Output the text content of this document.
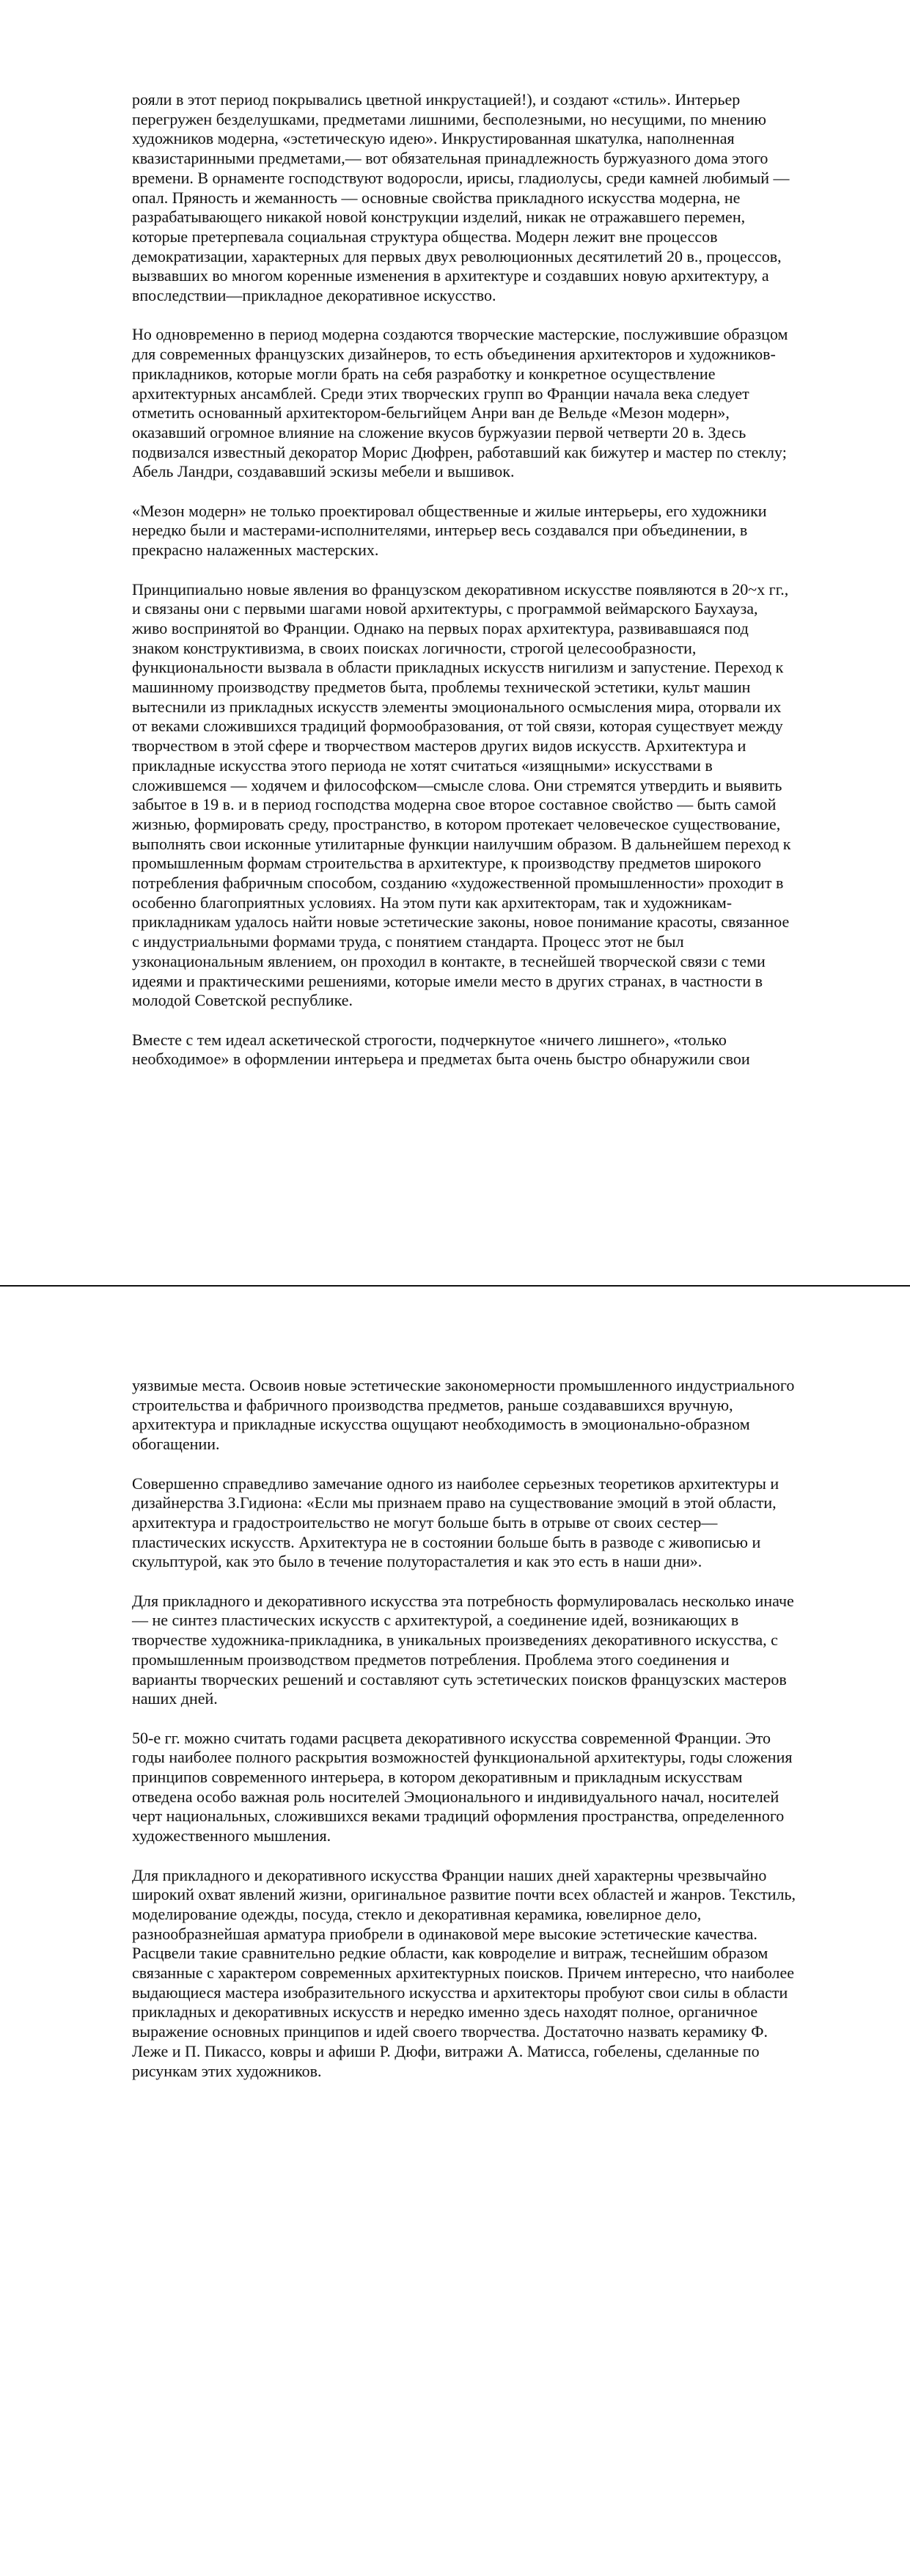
рояли в этот период покрывались цветной инкрустацией!), и создают «стиль». Интерьер перегружен безделушками, предметами лишними, бесполезными, но несущими, по мнению художников модерна, «эстетическую идею». Инкрустированная шкатулка, наполненная квазистаринными предметами,— вот обязательная принадлежность буржуазного дома этого времени. В орнаменте господствуют водоросли, ирисы, гладиолусы, среди камней любимый — опал. Пряность и жеманность — основные свойства прикладного искусства модерна, не разрабатывающего никакой новой конструкции изделий, никак не отражавшего перемен, которые претерпевала социальная структура общества. Модерн лежит вне процессов демократизации, характерных для первых двух революционных десятилетий 20 в., процессов, вызвавших во многом коренные изменения в архитектуре и создавших новую архитектуру, а впоследствии—прикладное декоративное искусство.

Но одновременно в период модерна создаются творческие мастерские, послужившие образцом для современных французских дизайнеров, то есть объединения архитекторов и художников-прикладников, которые могли брать на себя разработку и конкретное осуществление архитектурных ансамблей. Среди этих творческих групп во Франции начала века следует отметить основанный архитектором-бельгийцем Анри ван де Вельде «Мезон модерн», оказавший огромное влияние на сложение вкусов буржуазии первой четверти 20 в. Здесь подвизался известный декоратор Морис Дюфрен, работавший как бижутер и мастер по стеклу; Абель Ландри, создававший эскизы мебели и вышивок.

«Мезон модерн» не только проектировал общественные и жилые интерьеры, его художники нередко были и мастерами-исполнителями, интерьер весь создавался при объединении, в прекрасно налаженных мастерских.

Принципиально новые явления во французском декоративном искусстве появляются в 20~х гг., и связаны они с первыми шагами новой архитектуры, с программой веймарского Баухауза, живо воспринятой во Франции. Однако на первых порах архитектура, развивавшаяся под знаком конструктивизма, в своих поисках логичности, строгой целесообразности, функциональности вызвала в области прикладных искусств нигилизм и запустение. Переход к машинному производству предметов быта, проблемы технической эстетики, культ машин вытеснили из прикладных искусств элементы эмоционального осмысления мира, оторвали их от веками сложившихся традиций формообразования, от той связи, которая существует между творчеством в этой сфере и творчеством мастеров других видов искусств. Архитектура и прикладные искусства этого периода не хотят считаться «изящными» искусствами в сложившемся — ходячем и философском—смысле слова. Они стремятся утвердить и выявить забытое в 19 в. и в период господства модерна свое второе составное свойство — быть самой жизнью, формировать среду, пространство, в котором протекает человеческое существование, выполнять свои исконные утилитарные функции наилучшим образом. В дальнейшем переход к промышленным формам строительства в архитектуре, к производству предметов широкого потребления фабричным способом, созданию «художественной промышленности» проходит в особенно благоприятных условиях. На этом пути как архитекторам, так и художникам-прикладникам удалось найти новые эстетические законы, новое понимание красоты, связанное с индустриальными формами труда, с понятием стандарта. Процесс этот не был узконациональным явлением, он проходил в контакте, в теснейшей творческой связи с теми идеями и практическими решениями, которые имели место в других странах, в частности в молодой Советской республике.

Вместе с тем идеал аскетической строгости, подчеркнутое «ничего лишнего», «только необходимое» в оформлении интерьера и предметах быта очень быстро обнаружили свои

уязвимые места. Освоив новые эстетические закономерности промышленного индустриального строительства и фабричного производства предметов, раньше создававшихся вручную, архитектура и прикладные искусства ощущают необходимость в эмоционально-образном обогащении.

Совершенно справедливо замечание одного из наиболее серьезных теоретиков архитектуры и дизайнерства З.Гидиона: «Если мы признаем право на существование эмоций в этой области, архитектура и градостроительство не могут больше быть в отрыве от своих сестер—пластических искусств. Архитектура не в состоянии больше быть в разводе с живописью и скульптурой, как это было в течение полуторасталетия и как это есть в наши дни».

Для прикладного и декоративного искусства эта потребность формулировалась несколько иначе — не синтез пластических искусств с архитектурой, а соединение идей, возникающих в творчестве художника-прикладника, в уникальных произведениях декоративного искусства, с промышленным производством предметов потребления. Проблема этого соединения и варианты творческих решений и составляют суть эстетических поисков французских мастеров наших дней.

50-е гг. можно считать годами расцвета декоративного искусства современной Франции. Это годы наиболее полного раскрытия возможностей функциональной архитектуры, годы сложения принципов современного интерьера, в котором декоративным и прикладным искусствам отведена особо важная роль носителей Эмоционального и индивидуального начал, носителей черт национальных, сложившихся веками традиций оформления пространства, определенного художественного мышления.

Для прикладного и декоративного искусства Франции наших дней характерны чрезвычайно широкий охват явлений жизни, оригинальное развитие почти всех областей и жанров. Текстиль, моделирование одежды, посуда, стекло и декоративная керамика, ювелирное дело, разнообразнейшая арматура приобрели в одинаковой мере высокие эстетические качества. Расцвели такие сравнительно редкие области, как ковроделие и витраж, теснейшим образом связанные с характером современных архитектурных поисков. Причем интересно, что наиболее выдающиеся мастера изобразительного искусства и архитекторы пробуют свои силы в области прикладных и декоративных искусств и нередко именно здесь находят полное, органичное выражение основных принципов и идей своего творчества. Достаточно назвать керамику Ф. Леже и П. Пикассо, ковры и афиши Р. Дюфи, витражи А. Матисса, гобелены, сделанные по рисункам этих художников.
